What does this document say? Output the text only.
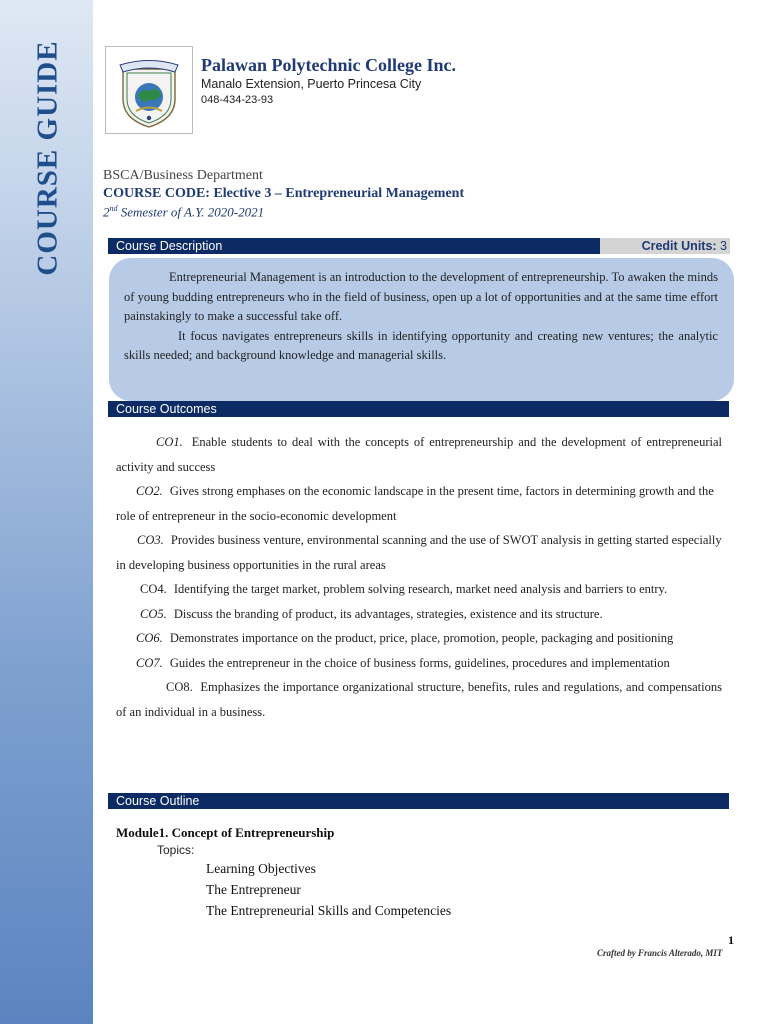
COURSE GUIDE	Palawan Polytechnic College Inc.
Manalo Extension, Puerto Princesa City
048-434-23-93
BSCA/Business Department
COURSE CODE: Elective 3 – Entrepreneurial Management
2nd Semester of A.Y. 2020-2021
Course Description	Credit Units: 3

Entrepreneurial Management is an introduction to the development of entrepreneurship. To awaken the minds of young budding entrepreneurs who in the field of business, open up a lot of opportunities and at the same time effort painstakingly to make a successful take off.

It focus navigates entrepreneurs skills in identifying opportunity and creating new ventures; the analytic skills needed; and background knowledge and managerial skills.

Course Outcomes

CO1. Enable students to deal with the concepts of entrepreneurship and the development of entrepreneurial activity and success

CO2. Gives strong emphases on the economic landscape in the present time, factors in determining growth and the role of entrepreneur in the socio-economic development

CO3. Provides business venture, environmental scanning and the use of SWOT analysis in getting started especially in developing business opportunities in the rural areas

CO4. Identifying the target market, problem solving research, market need analysis and barriers to entry.

CO5. Discuss the branding of product, its advantages, strategies, existence and its structure.

CO6. Demonstrates importance on the product, price, place, promotion, people, packaging and positioning

CO7. Guides the entrepreneur in the choice of business forms, guidelines, procedures and implementation

CO8. Emphasizes the importance organizational structure, benefits, rules and regulations, and compensations of an individual in a business.

Course Outline
Module1. Concept of Entrepreneurship
Topics:
Learning Objectives
The Entrepreneur
The Entrepreneurial Skills and Competencies
1
Crafted by Francis Alterado, MIT
